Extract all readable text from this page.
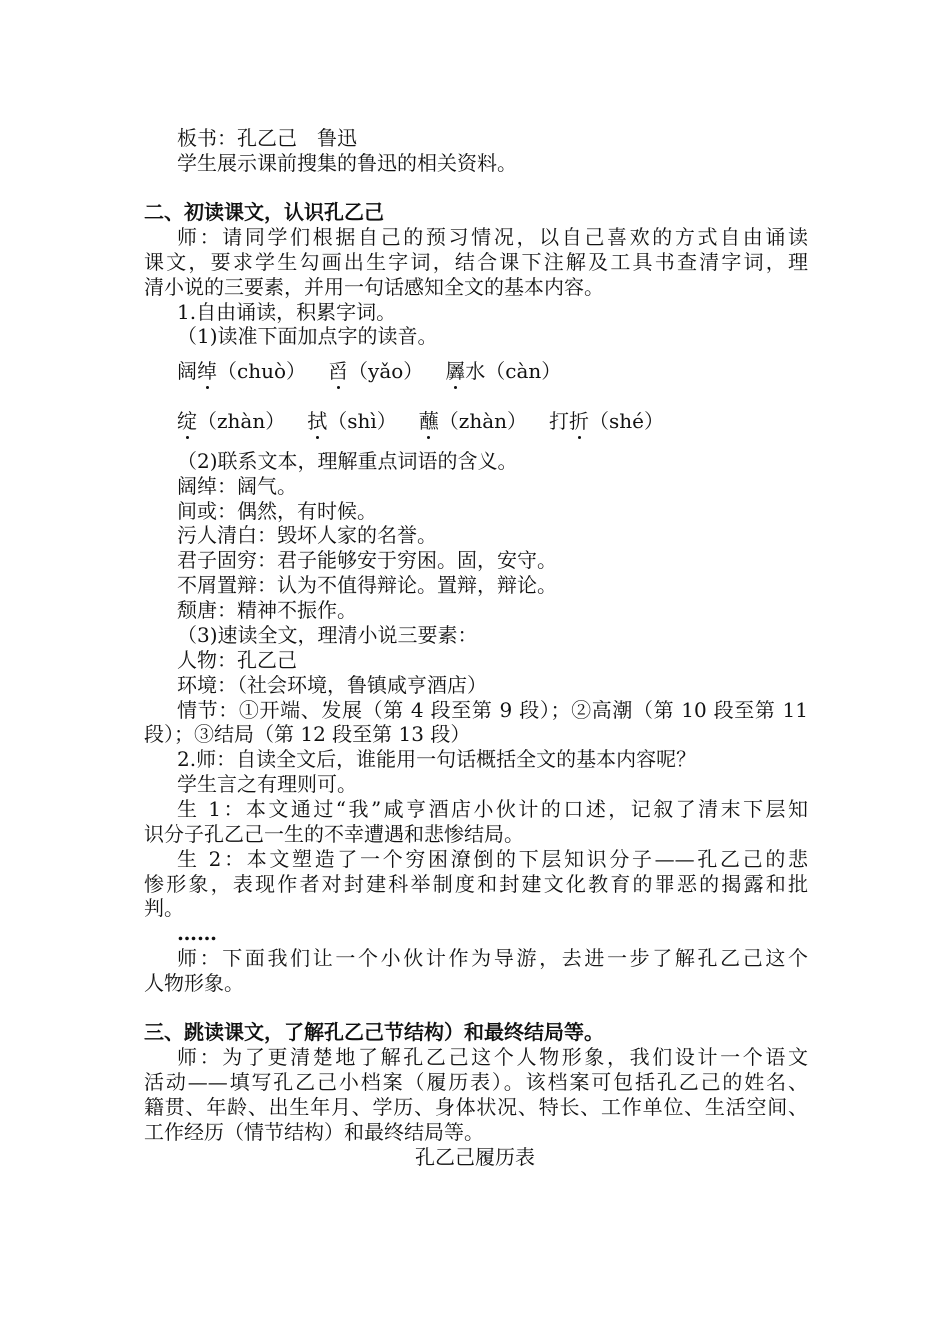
板书：孔乙己　鲁迅
学生展示课前搜集的鲁迅的相关资料。
二、初读课文，认识孔乙己
师：请同学们根据自己的预习情况，以自己喜欢的方式自由诵读
课文，要求学生勾画出生字词，结合课下注解及工具书查清字词，理
清小说的三要素，并用一句话感知全文的基本内容。
1.自由诵读，积累字词。
（1)读准下面加点字的读音。
阔绰（chuò） 舀（yǎo） 羼水（càn）
绽（zhàn） 拭（shì） 蘸（zhàn） 打折（shé）
（2)联系文本，理解重点词语的含义。
阔绰：阔气。
间或：偶然，有时候。
污人清白：毁坏人家的名誉。
君子固穷：君子能够安于穷困。固，安守。
不屑置辩：认为不值得辩论。置辩，辩论。
颓唐：精神不振作。
（3)速读全文，理清小说三要素：
人物：孔乙己
环境：（社会环境，鲁镇咸亨酒店）
情节：①开端、发展（第 4 段至第 9 段）；②高潮（第 10 段至第 11
段）；③结局（第 12 段至第 13 段）
2.师：自读全文后，谁能用一句话概括全文的基本内容呢？
学生言之有理则可。
生 1：本文通过“我”咸亨酒店小伙计的口述，记叙了清末下层知
识分子孔乙己一生的不幸遭遇和悲惨结局。
生 2：本文塑造了一个穷困潦倒的下层知识分子——孔乙己的悲
惨形象，表现作者对封建科举制度和封建文化教育的罪恶的揭露和批
判。
……
师：下面我们让一个小伙计作为导游，去进一步了解孔乙己这个
人物形象。
三、跳读课文，了解孔乙己节结构）和最终结局等。
师：为了更清楚地了解孔乙己这个人物形象，我们设计一个语文
活动——填写孔乙己小档案（履历表）。该档案可包括孔乙己的姓名、
籍贯、年龄、出生年月、学历、身体状况、特长、工作单位、生活空间、
工作经历（情节结构）和最终结局等。
孔乙己履历表
